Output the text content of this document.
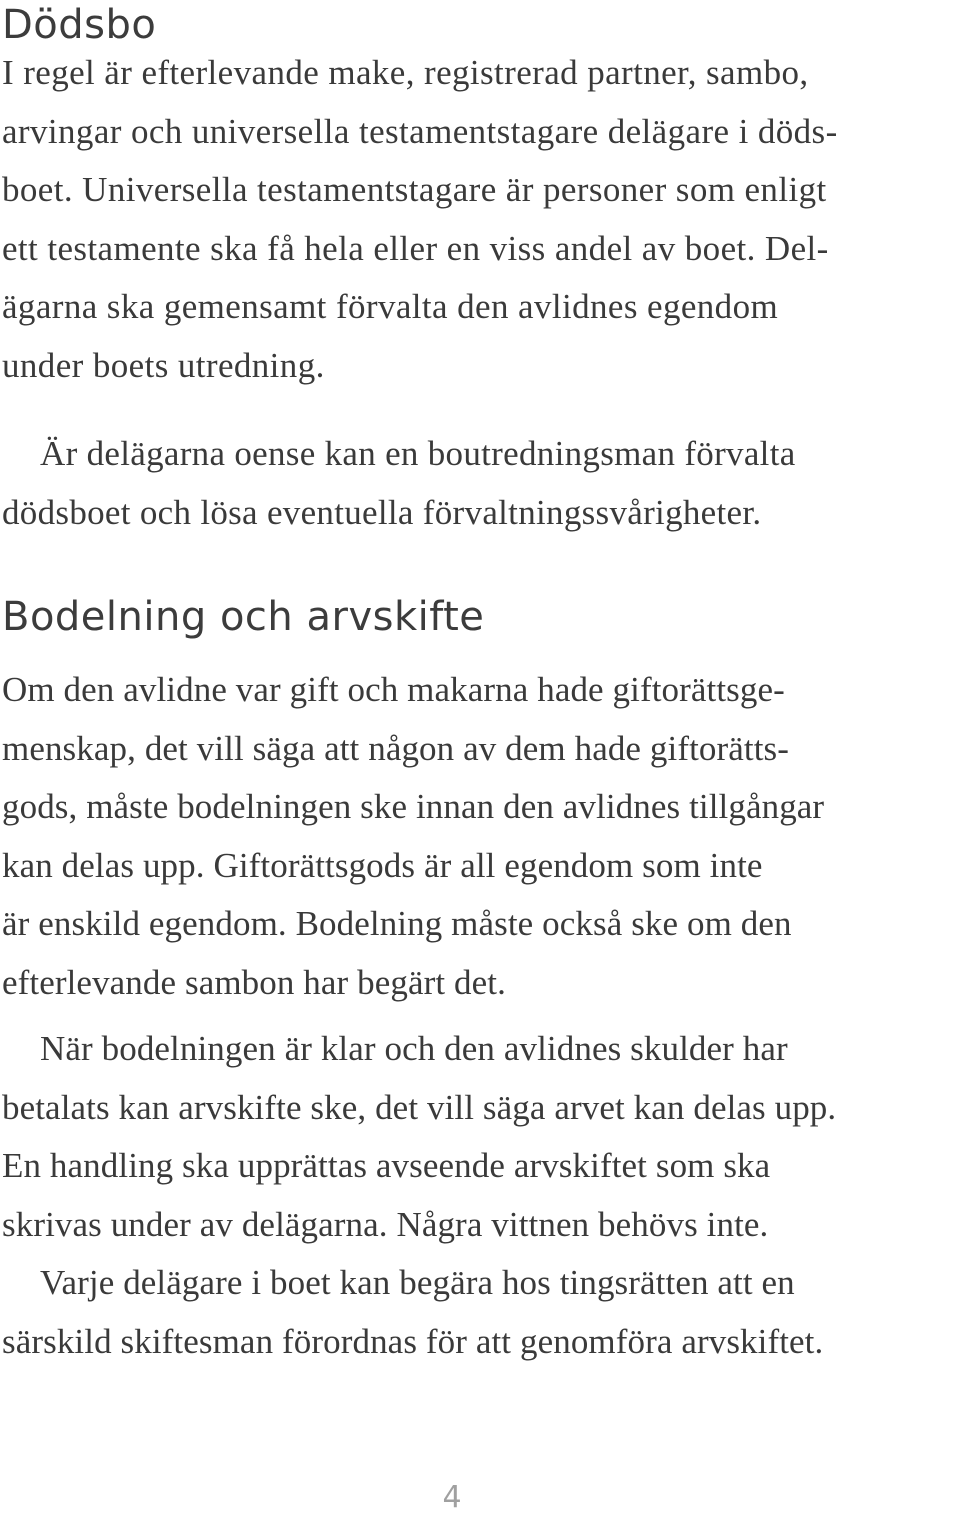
Dödsbo

I regel är efterlevande make, registrerad partner, sambo,
arvingar och universella testamentstagare delägare i döds-
boet. Universella testamentstagare är personer som enligt
ett testamente ska få hela eller en viss andel av boet. Del-
ägarna ska gemensamt förvalta den avlidnes egendom
under boets utredning.

Är delägarna oense kan en boutredningsman förvalta
dödsboet och lösa eventuella förvaltningssvårigheter.

Bodelning och arvskifte

Om den avlidne var gift och makarna hade giftorättsge-
menskap, det vill säga att någon av dem hade giftorätts-
gods, måste bodelningen ske innan den avlidnes tillgångar
kan delas upp. Giftorättsgods är all egendom som inte
är enskild egendom. Bodelning måste också ske om den
efterlevande sambon har begärt det.

När bodelningen är klar och den avlidnes skulder har
betalats kan arvskifte ske, det vill säga arvet kan delas upp.
En handling ska upprättas avseende arvskiftet som ska
skrivas under av delägarna. Några vittnen behövs inte.
Varje delägare i boet kan begära hos tingsrätten att en
särskild skiftesman förordnas för att genomföra arvskiftet.

4
